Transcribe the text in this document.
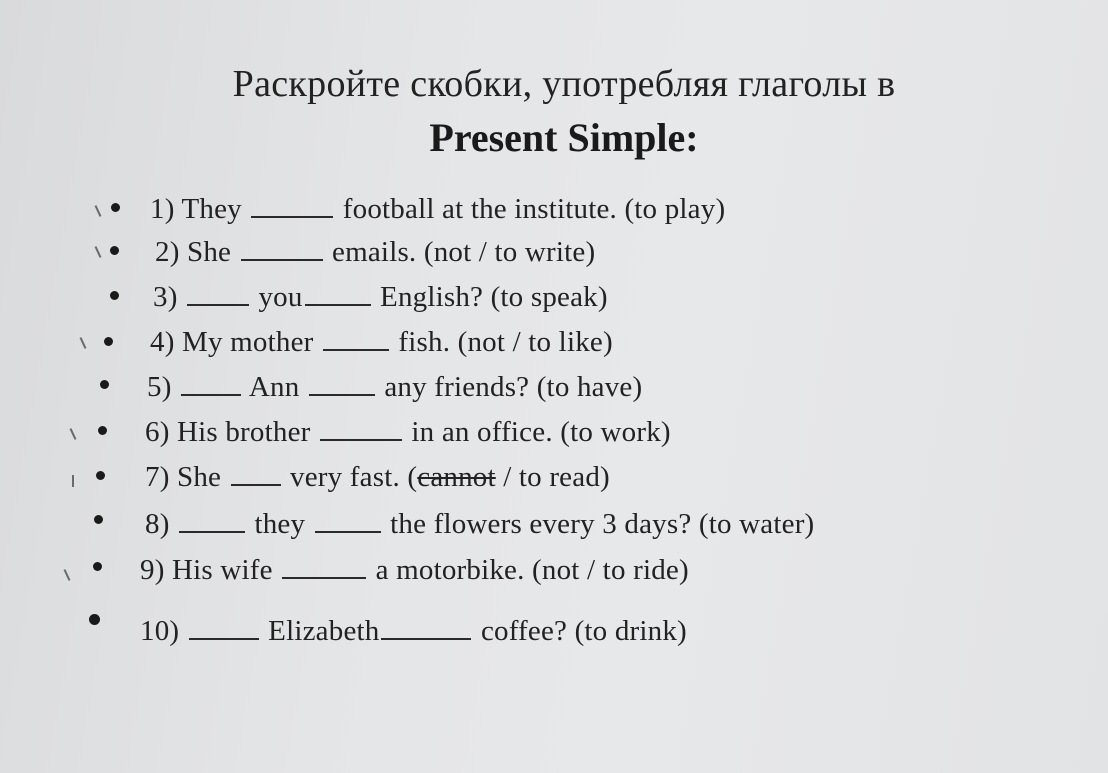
Раскройте скобки, употребляя глаголы в
Present Simple:
1) They	football at the institute. (to play)
2) She	emails. (not / to write)
3)	you	English? (to speak)
4) My mother	fish. (not / to like)
5)	Ann	any friends? (to have)
6) His brother	in an office. (to work)
7) She very fast. (cannot / to read)
8)	they	the flowers every 3 days? (to water)
9) His wife	a motorbike. (not / to ride)
10)	Elizabeth	coffee? (to drink)
